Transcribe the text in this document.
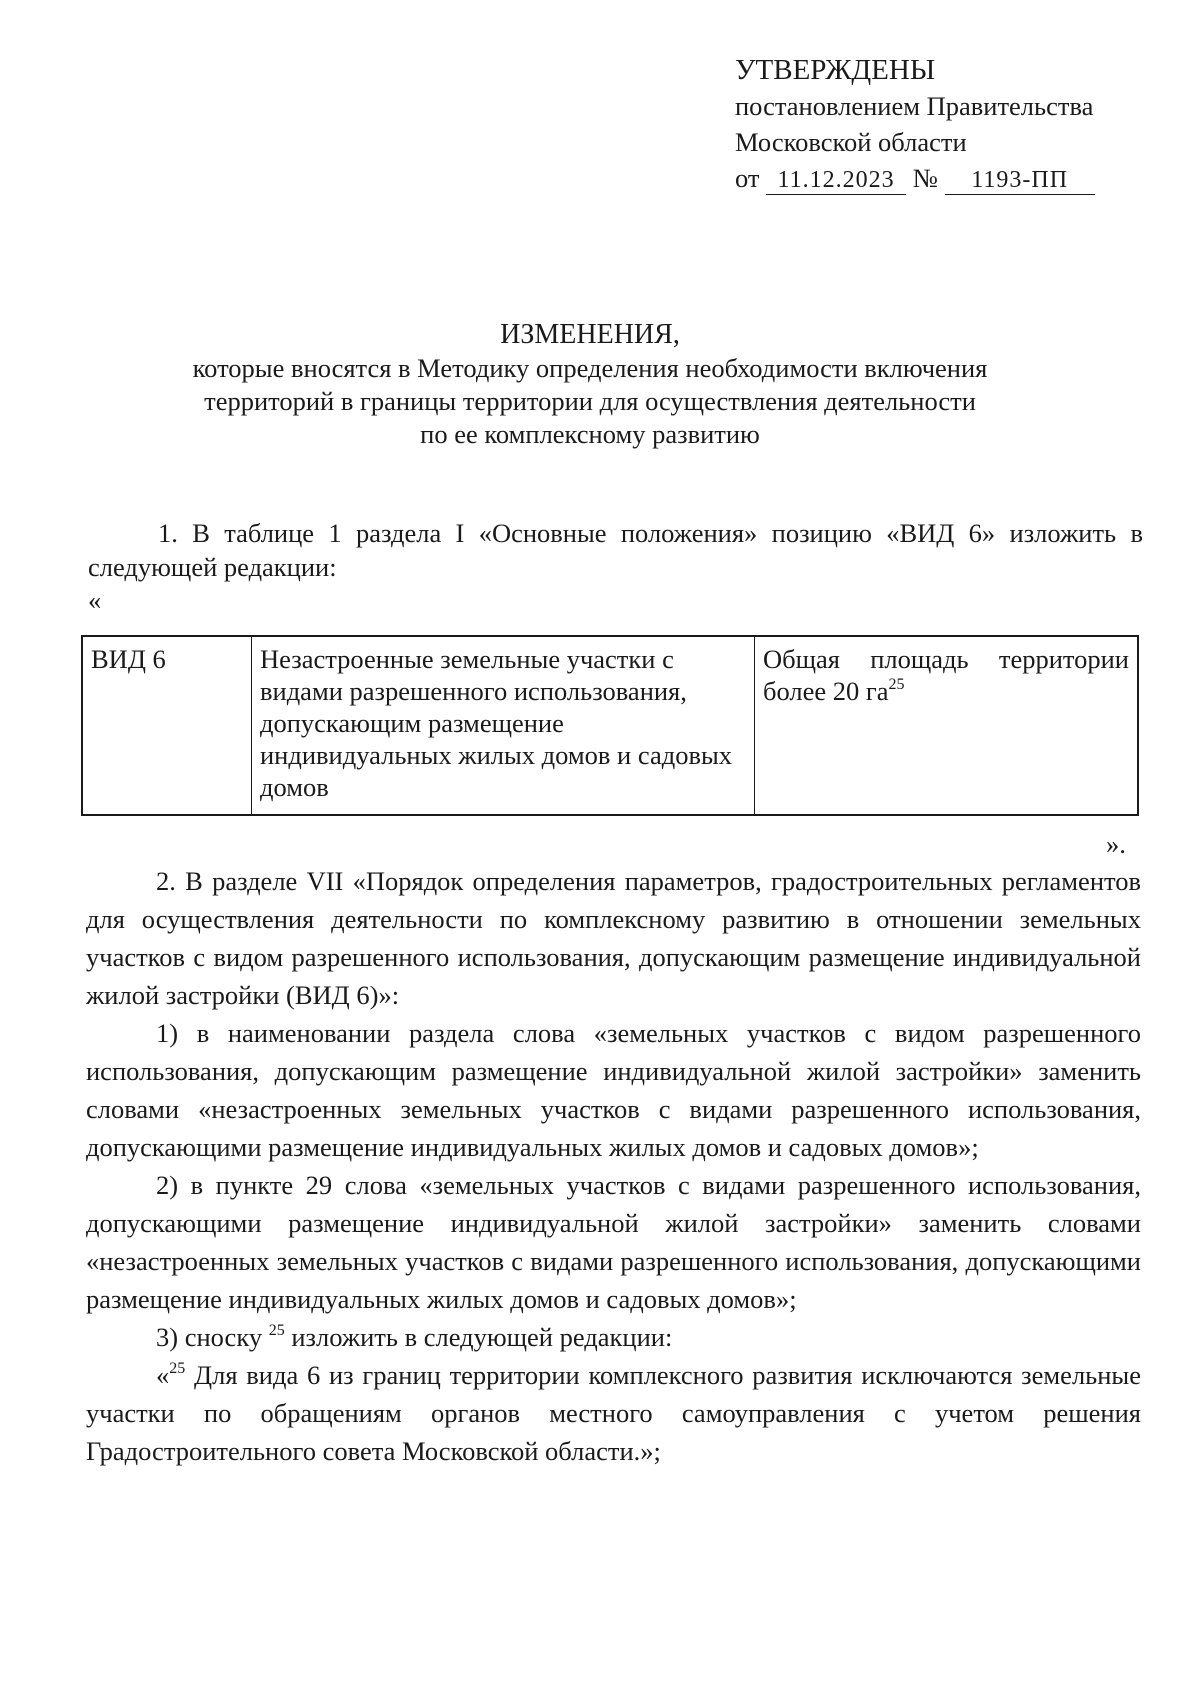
УТВЕРЖДЕНЫ
постановлением Правительства
Московской области
от 11.12.2023 № 1193-ПП
ИЗМЕНЕНИЯ,
которые вносятся в Методику определения необходимости включения
территорий в границы территории для осуществления деятельности
по ее комплексному развитию
1. В таблице 1 раздела I «Основные положения» позицию «ВИД 6» изложить в следующей редакции:
«
ВИД 6	Незастроенные земельные участки с видами разрешенного использования, допускающим размещение индивидуальных жилых домов и садовых домов	Общая площадь территории более 20 $га^{25}$
».

2. В разделе VII «Порядок определения параметров, градостроительных регламентов для осуществления деятельности по комплексному развитию в отношении земельных участков с видом разрешенного использования, допускающим размещение индивидуальной жилой застройки (ВИД 6)»:

1) в наименовании раздела слова «земельных участков с видом разрешенного использования, допускающим размещение индивидуальной жилой застройки» заменить словами «незастроенных земельных участков с видами разрешенного использования, допускающими размещение индивидуальных жилых домов и садовых домов»;

2) в пункте 29 слова «земельных участков с видами разрешенного использования, допускающими размещение индивидуальной жилой застройки» заменить словами «незастроенных земельных участков с видами разрешенного использования, допускающими размещение индивидуальных жилых домов и садовых домов»;

3) сноску $^{25}$ изложить в следующей редакции:

«$^{25}$ Для вида 6 из границ территории комплексного развития исключаются земельные участки по обращениям органов местного самоуправления с учетом решения Градостроительного совета Московской области.»;
